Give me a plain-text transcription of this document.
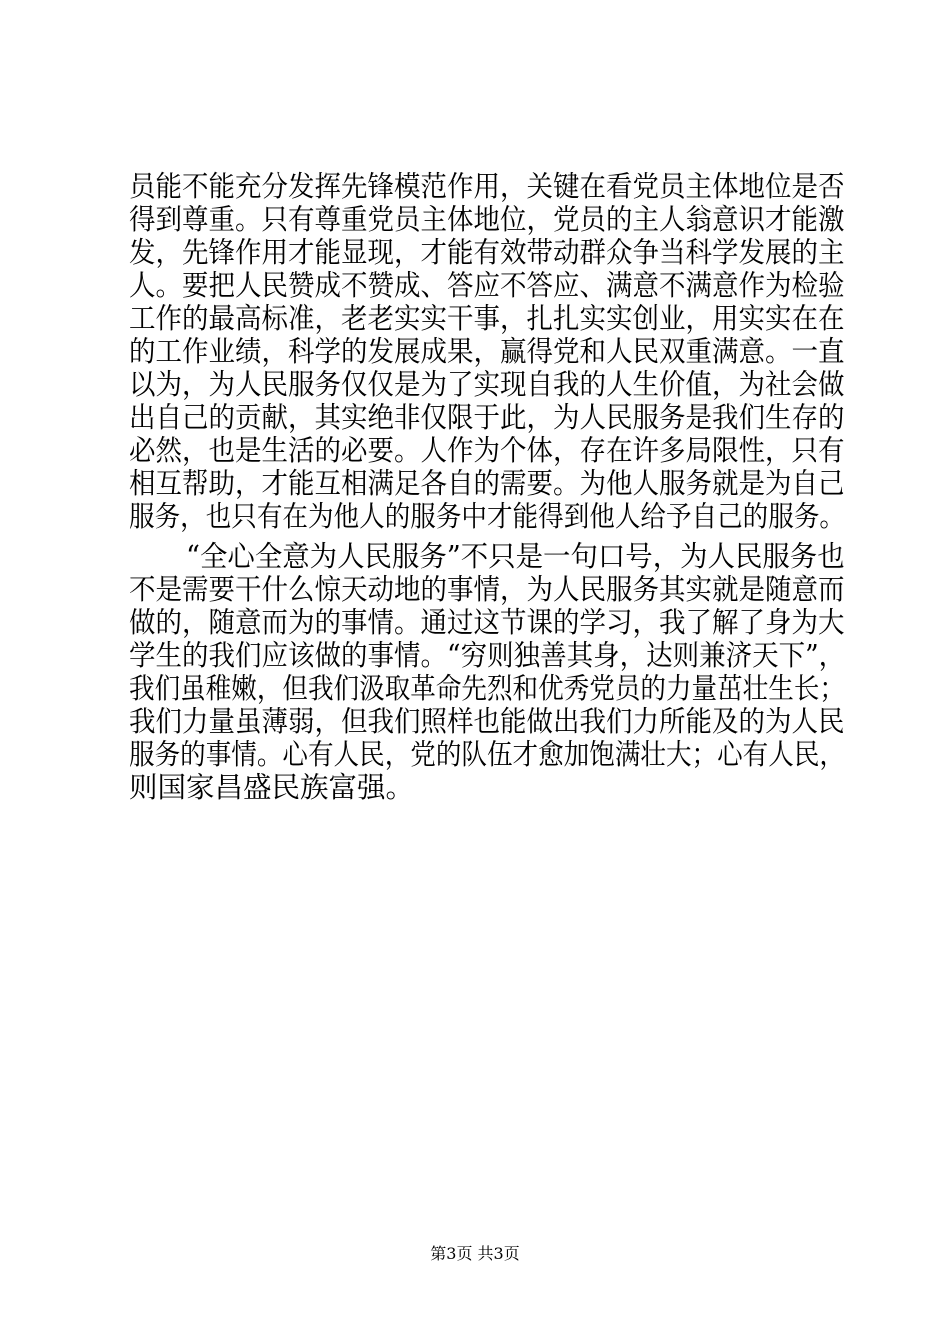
员能不能充分发挥先锋模范作用，关键在看党员主体地位是否
得到尊重。只有尊重党员主体地位，党员的主人翁意识才能激
发，先锋作用才能显现，才能有效带动群众争当科学发展的主
人。要把人民赞成不赞成、答应不答应、满意不满意作为检验
工作的最高标准，老老实实干事，扎扎实实创业，用实实在在
的工作业绩，科学的发展成果，赢得党和人民双重满意。一直
以为，为人民服务仅仅是为了实现自我的人生价值，为社会做
出自己的贡献，其实绝非仅限于此，为人民服务是我们生存的
必然，也是生活的必要。人作为个体，存在许多局限性，只有
相互帮助，才能互相满足各自的需要。为他人服务就是为自己
服务，也只有在为他人的服务中才能得到他人给予自己的服务。
“全心全意为人民服务”不只是一句口号，为人民服务也
不是需要干什么惊天动地的事情，为人民服务其实就是随意而
做的，随意而为的事情。通过这节课的学习，我了解了身为大
学生的我们应该做的事情。“穷则独善其身，达则兼济天下”，
我们虽稚嫩，但我们汲取革命先烈和优秀党员的力量茁壮生长；
我们力量虽薄弱，但我们照样也能做出我们力所能及的为人民
服务的事情。心有人民，党的队伍才愈加饱满壮大；心有人民，
则国家昌盛民族富强。
第3页 共3页
